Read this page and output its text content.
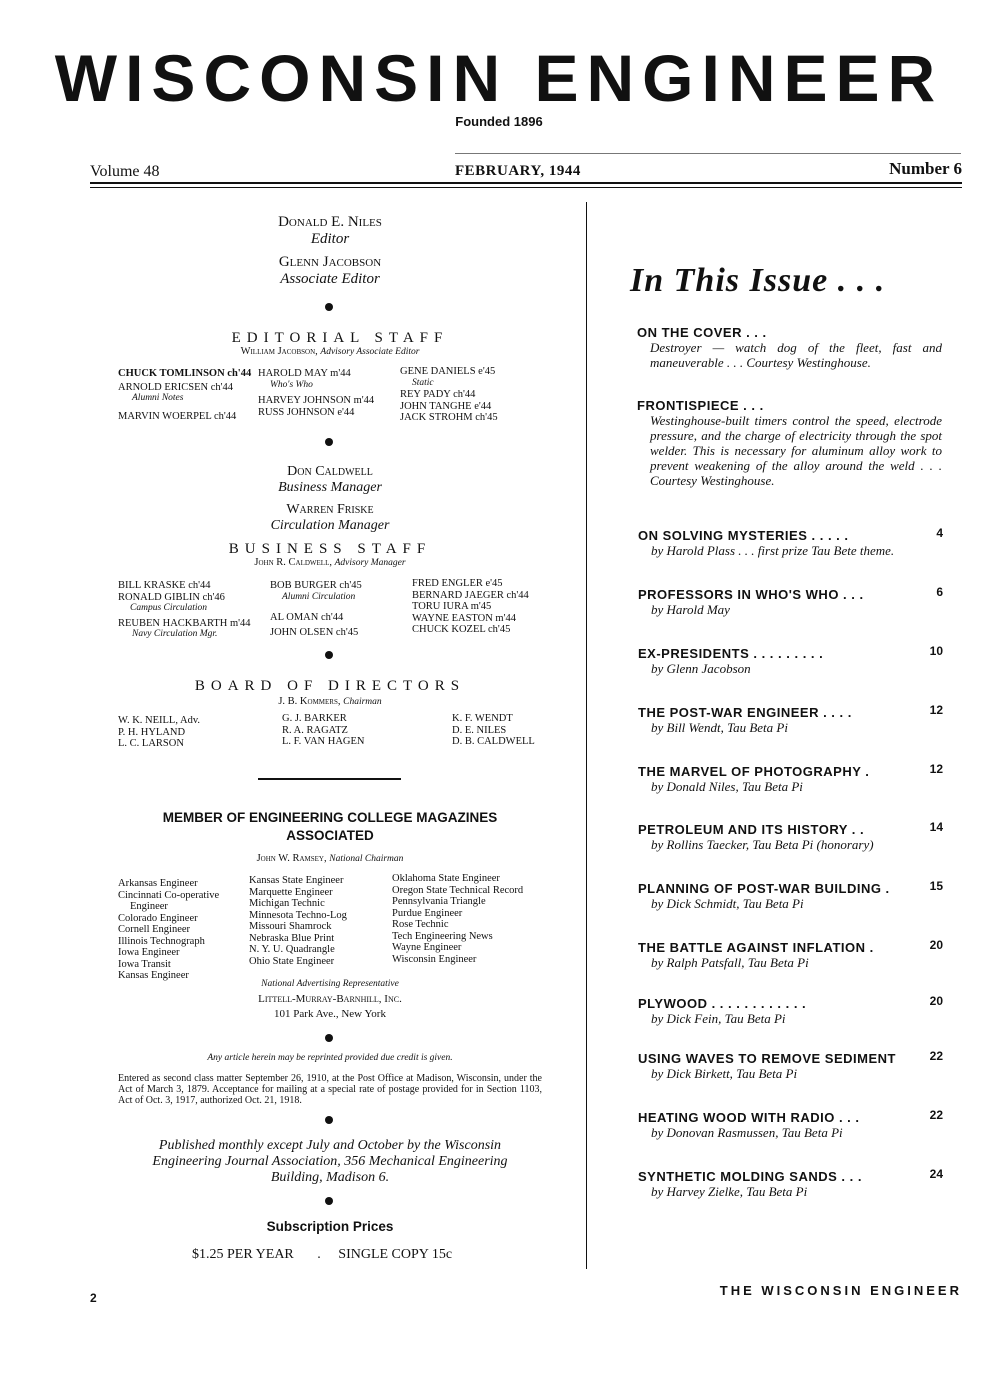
WISCONSIN ENGINEER
Founded 1896
Volume 48	FEBRUARY, 1944	Number 6
Donald E. Niles
Editor
Glenn Jacobson
Associate Editor
EDITORIAL STAFF
William Jacobson, Advisory Associate Editor
CHUCK TOMLINSON ch'44
ARNOLD ERICSEN ch'44
Alumni Notes
MARVIN WOERPEL ch'44
HAROLD MAY m'44
Who's Who
HARVEY JOHNSON m'44
RUSS JOHNSON e'44
GENE DANIELS e'45
Static
REY PADY ch'44
JOHN TANGHE e'44
JACK STROHM ch'45
Don Caldwell
Business Manager
Warren Friske
Circulation Manager
BUSINESS STAFF
John R. Caldwell, Advisory Manager
BILL KRASKE ch'44
RONALD GIBLIN ch'46
Campus Circulation
REUBEN HACKBARTH m'44
Navy Circulation Mgr.
BOB BURGER ch'45
Alumni Circulation
AL OMAN ch'44
JOHN OLSEN ch'45
FRED ENGLER e'45
BERNARD JAEGER ch'44
TORU IURA m'45
WAYNE EASTON m'44
CHUCK KOZEL ch'45
BOARD OF DIRECTORS
J. B. Kommers, Chairman
W. K. NEILL, Adv.
P. H. HYLAND
L. C. LARSON
G. J. BARKER
R. A. RAGATZ
L. F. VAN HAGEN
K. F. WENDT
D. E. NILES
D. B. CALDWELL
MEMBER OF ENGINEERING COLLEGE MAGAZINES
ASSOCIATED
John W. Ramsey, National Chairman
Arkansas Engineer
Cincinnati Co-operative
Engineer
Colorado Engineer
Cornell Engineer
Illinois Technograph
Iowa Engineer
Iowa Transit
Kansas Engineer
Kansas State Engineer
Marquette Engineer
Michigan Technic
Minnesota Techno-Log
Missouri Shamrock
Nebraska Blue Print
N. Y. U. Quadrangle
Ohio State Engineer
Oklahoma State Engineer
Oregon State Technical Record
Pennsylvania Triangle
Purdue Engineer
Rose Technic
Tech Engineering News
Wayne Engineer
Wisconsin Engineer
National Advertising Representative
Littell-Murray-Barnhill, Inc.
101 Park Ave., New York
Any article herein may be reprinted provided due credit is given.
Entered as second class matter September 26, 1910, at the Post Office at Madison, Wisconsin, under the Act of March 3, 1879. Acceptance for mailing at a special rate of postage provided for in Section 1103, Act of Oct. 3, 1917, authorized Oct. 21, 1918.
Published monthly except July and October by the Wisconsin Engineering Journal Association, 356 Mechanical Engineering Building, Madison 6.
Subscription Prices
$1.25 PER YEAR . SINGLE COPY 15c
In This Issue . . .
ON THE COVER . . .
Destroyer — watch dog of the fleet, fast and maneuverable . . . Courtesy Westinghouse.
FRONTISPIECE . . .
Westinghouse-built timers control the speed, electrode pressure, and the charge of electricity through the spot welder. This is necessary for aluminum alloy work to prevent weakening of the alloy around the weld . . . Courtesy Westinghouse.
ON SOLVING MYSTERIES . . . . .	4
by Harold Plass . . . first prize Tau Bete theme.
PROFESSORS IN WHO'S WHO . . .	6
by Harold May
EX-PRESIDENTS . . . . . . . . .	10
by Glenn Jacobson
THE POST-WAR ENGINEER . . . .	12
by Bill Wendt, Tau Beta Pi
THE MARVEL OF PHOTOGRAPHY .	12
by Donald Niles, Tau Beta Pi
PETROLEUM AND ITS HISTORY . .	14
by Rollins Taecker, Tau Beta Pi (honorary)
PLANNING OF POST-WAR BUILDING .	15
by Dick Schmidt, Tau Beta Pi
THE BATTLE AGAINST INFLATION .	20
by Ralph Patsfall, Tau Beta Pi
PLYWOOD . . . . . . . . . . . .	20
by Dick Fein, Tau Beta Pi
USING WAVES TO REMOVE SEDIMENT	22
by Dick Birkett, Tau Beta Pi
HEATING WOOD WITH RADIO . . .	22
by Donovan Rasmussen, Tau Beta Pi
SYNTHETIC MOLDING SANDS . . .	24
by Harvey Zielke, Tau Beta Pi
2	THE WISCONSIN ENGINEER
